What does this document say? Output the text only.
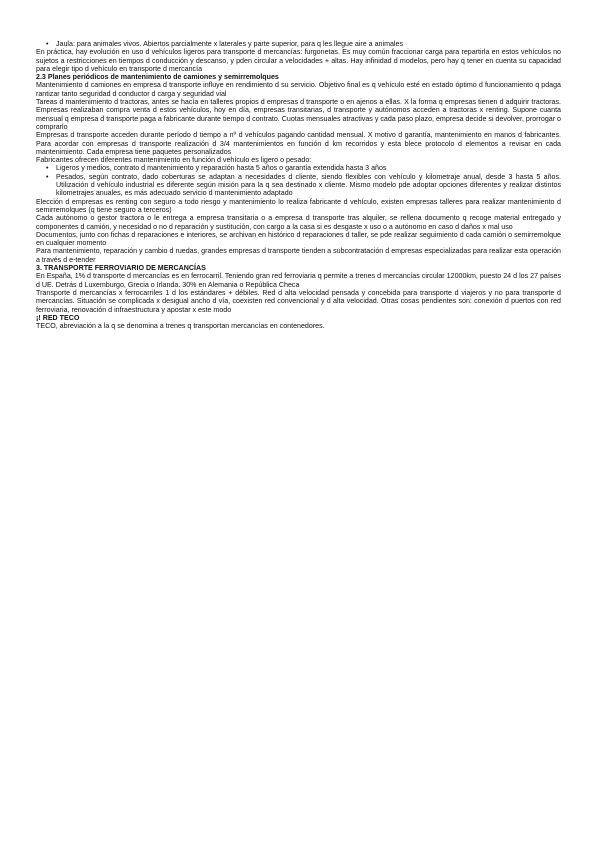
• Jaula: para animales vivos. Abiertos parcialmente x laterales y parte superior, para q les llegue aire a animales

En práctica, hay evolución en uso d vehículos ligeros para transporte d mercancías: furgonetas. Es muy común fraccionar carga para repartirla en estos vehículos no sujetos a restricciones en tiempos d conducción y descanso, y pden circular a velocidades + altas. Hay infinidad d modelos, pero hay q tener en cuenta su capacidad para elegir tipo d vehículo en transporte d mercancía

2.3 Planes periódicos de mantenimiento de camiones y semirremolques

Mantenimiento d camiones en empresa d transporte influye en rendimiento d su servicio. Objetivo final es q vehículo esté en estado óptimo d funcionamiento q pdaga rantizar tanto seguridad d conductor d carga y seguridad vial

Tareas d mantenimiento d tractoras, antes se hacía en talleres propios d empresas d transporte o en ajenos a ellas. X la forma q empresas tienen d adquirir tractoras. Empresas realizaban compra venta d estos vehículos, hoy en día, empresas transitarias, d transporte y autónomos acceden a tractoras x renting. Supone cuanta mensual q empresa d transporte paga a fabricante durante tiempo d contrato. Cuotas mensuales atractivas y cada paso plazo, empresa decide si devolver, prorrogar o comprarlo

Empresas d transporte acceden durante período d tiempo a nº d vehículos pagando cantidad mensual. X motivo d garantía, mantenimiento en manos d fabricantes. Para acordar con empresas d transporte realización d 3/4 mantenimientos en función d km recorridos y esta blece protocolo d elementos a revisar en cada mantenimiento. Cada empresa tiene paquetes personalizados

Fabricantes ofrecen diferentes mantenimiento en función d vehículo es ligero o pesado:

• Ligeros y medios, contrato d mantenimiento y reparación hasta 5 años o garantía extendida hasta 3 años
• Pesados, según contrato, dado coberturas se adaptan a necesidades d cliente, siendo flexibles con vehículo y kilometraje anual, desde 3 hasta 5 años. Utilización d vehículo industrial es diferente según misión para la q sea destinado x cliente. Mismo modelo pde adoptar opciones diferentes y realizar distintos kilometrajes anuales, es más adecuado servicio d mantenimiento adaptado

Elección d empresas es renting con seguro a todo riesgo y mantenimiento lo realiza fabricante d vehículo, existen empresas talleres para realizar mantenimiento d semirremolques (q tiene seguro a terceros)

Cada autónomo o gestor tractora o le entrega a empresa transitaria o a empresa d transporte tras alquiler, se rellena documento q recoge material entregado y componentes d camión, y necesidad o no d reparación y sustitución, con cargo a la casa si es desgaste x uso o a autónomo en caso d daños x mal uso

Documentos, junto con fichas d reparaciones e interiores, se archivan en histórico d reparaciones d taller, se pde realizar seguimiento d cada camión o semirremolque en cualquier momento

Para mantenimiento, reparación y cambio d ruedas, grandes empresas d transporte tienden a subcontratación d empresas especializadas para realizar esta operación a través d e-tender

3. TRANSPORTE FERROVIARIO DE MERCANCÍAS

En España, 1% d transporte d mercancías es en ferrocarril. Teniendo gran red ferroviaria q permite a trenes d mercancías circular 12000km, puesto 24 d los 27 países d UE. Detrás d Luxemburgo, Grecia o Irlanda. 30% en Alemania o República Checa

Transporte d mercancías x ferrocarriles 1 d los estándares + débiles. Red d alta velocidad pensada y concebida para transporte d viajeros y no para transporte d mercancías. Situación se complicada x desigual ancho d vía, coexisten red convencional y d alta velocidad. Otras cosas pendientes son: conexión d puertos con red ferroviaria, renovación d infraestructura y apostar x este modo

¡! RED TECO

TECO, abreviación a la q se denomina a trenes q transportan mercancías en contenedores.
